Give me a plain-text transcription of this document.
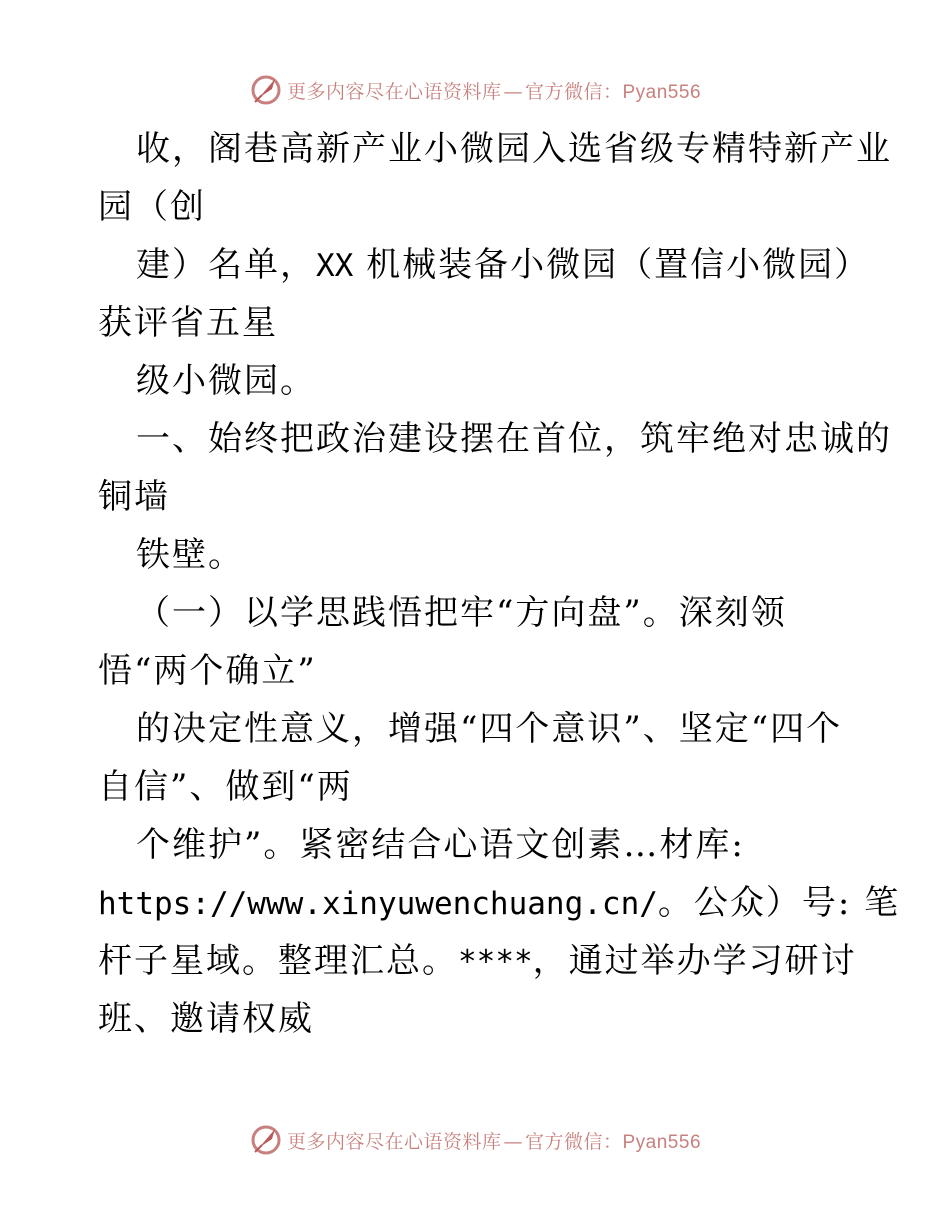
更多内容尽在心语资料库 — 官方微信：Pyan556
收，阁巷高新产业小微园入选省级专精特新产业
园（创
建）名单，XX 机械装备小微园（置信小微园）
获评省五星
级小微园。
一、始终把政治建设摆在首位，筑牢绝对忠诚的
铜墙
铁壁。
（一）以学思践悟把牢“方向盘”。深刻领
悟“两个确立”
的决定性意义，增强“四个意识”、坚定“四个
自信”、做到“两
个维护”。紧密结合心语文创素…材库:
https://www.xinyuwenchuang.cn/。公众）号: 笔
杆子星域。整理汇总。****，通过举办学习研讨
班、邀请权威
更多内容尽在心语资料库 — 官方微信：Pyan556
